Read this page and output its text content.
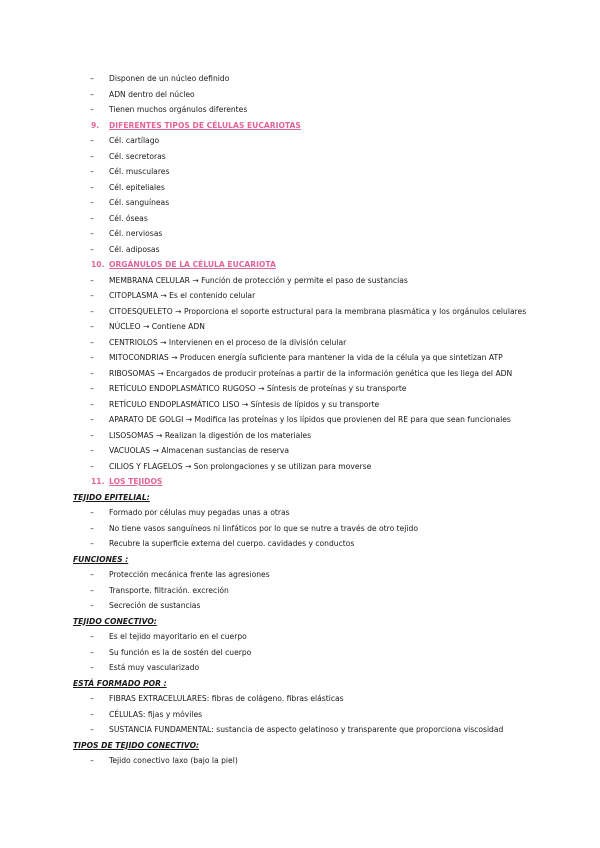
– Disponen de un núcleo definido
– ADN dentro del núcleo
– Tienen muchos orgánulos diferentes
9. DIFERENTES TIPOS DE CÉLULAS EUCARIOTAS
– Cél. cartílago
– Cél. secretoras
– Cél. musculares
– Cél. epiteliales
– Cél. sanguíneas
– Cél. óseas
– Cél. nerviosas
– Cél. adiposas
10. ORGÁNULOS DE LA CÉLULA EUCARIOTA
– MEMBRANA CELULAR → Función de protección y permite el paso de sustancias
– CITOPLASMA → Es el contenido celular
– CITOESQUELETO → Proporciona el soporte estructural para la membrana plasmática y los orgánulos celulares
– NÚCLEO → Contiene ADN
– CENTRIOLOS → Intervienen en el proceso de la división celular
– MITOCONDRIAS → Producen energía suficiente para mantener la vida de la célula ya que sintetizan ATP
– RIBOSOMAS → Encargados de producir proteínas a partir de la información genética que les llega del ADN
– RETÍCULO ENDOPLASMÁTICO RUGOSO → Síntesis de proteínas y su transporte
– RETÍCULO ENDOPLASMÁTICO LISO → Síntesis de lípidos y su transporte
– APARATO DE GOLGI → Modifica las proteínas y los lípidos que provienen del RE para que sean funcionales
– LISOSOMAS → Realizan la digestión de los materiales
– VACUOLAS → Almacenan sustancias de reserva
– CILIOS Y FLAGELOS → Son prolongaciones y se utilizan para moverse
11. LOS TEJIDOS
TEJIDO EPITELIAL:
– Formado por células muy pegadas unas a otras
– No tiene vasos sanguíneos ni linfáticos por lo que se nutre a través de otro tejido
– Recubre la superficie externa del cuerpo. cavidades y conductos
FUNCIONES :
– Protección mecánica frente las agresiones
– Transporte. filtración. excreción
– Secreción de sustancias
TEJIDO CONECTIVO:
– Es el tejido mayoritario en el cuerpo
– Su función es la de sostén del cuerpo
– Está muy vascularizado
ESTÁ FORMADO POR :
– FIBRAS EXTRACELULARES: fibras de colágeno. fibras elásticas
– CÉLULAS: fijas y móviles
– SUSTANCIA FUNDAMENTAL: sustancia de aspecto gelatinoso y transparente que proporciona viscosidad
TIPOS DE TEJIDO CONECTIVO:
– Tejido conectivo laxo (bajo la piel)
